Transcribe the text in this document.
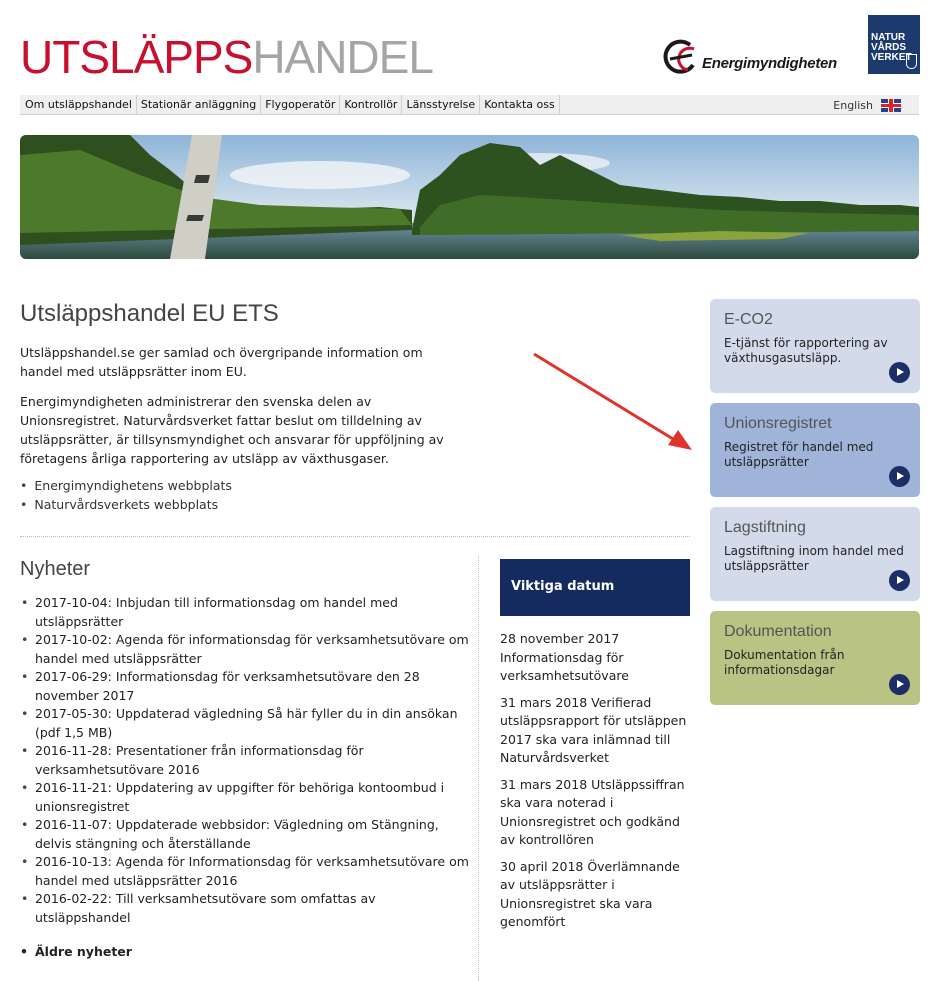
UTSLÄPPSHANDEL	Energimyndigheten
NATUR
VÅRDS
VERKET
Om utsläppshandel Stationär anläggning Flygoperatör Kontrollör Länsstyrelse Kontakta oss	English
Utsläppshandel EU ETS
Utsläppshandel.se ger samlad och övergripande information om handel med utsläppsrätter inom EU.
Energimyndigheten administrerar den svenska delen av Unionsregistret. Naturvårdsverket fattar beslut om tilldelning av utsläppsrätter, är tillsynsmyndighet och ansvarar för uppföljning av företagens årliga rapportering av utsläpp av växthusgaser.
• Energimyndighetens webbplats
• Naturvårdsverkets webbplats
Nyheter
• 2017-10-04: Inbjudan till informationsdag om handel med utsläppsrätter
• 2017-10-02: Agenda för informationsdag för verksamhetsutövare om handel med utsläppsrätter
• 2017-06-29: Informationsdag för verksamhetsutövare den 28 november 2017
• 2017-05-30: Uppdaterad vägledning Så här fyller du in din ansökan (pdf 1,5 MB)
• 2016-11-28: Presentationer från informationsdag för verksamhetsutövare 2016
• 2016-11-21: Uppdatering av uppgifter för behöriga kontoombud i unionsregistret
• 2016-11-07: Uppdaterade webbsidor: Vägledning om Stängning, delvis stängning och återställande
• 2016-10-13: Agenda för Informationsdag för verksamhetsutövare om handel med utsläppsrätter 2016
• 2016-02-22: Till verksamhetsutövare som omfattas av utsläppshandel
• Äldre nyheter
Viktiga datum

28 november 2017 Informationsdag för verksamhetsutövare

31 mars 2018 Verifierad utsläppsrapport för utsläppen 2017 ska vara inlämnad till Naturvårdsverket

31 mars 2018 Utsläppssiffran ska vara noterad i Unionsregistret och godkänd av kontrollören

30 april 2018 Överlämnande av utsläppsrätter i Unionsregistret ska vara genomfört

E-CO2
E-tjänst för rapportering av växthusgasutsläpp.
Unionsregistret
Registret för handel med utsläppsrätter
Lagstiftning
Lagstiftning inom handel med utsläppsrätter
Dokumentation
Dokumentation från informationsdagar
